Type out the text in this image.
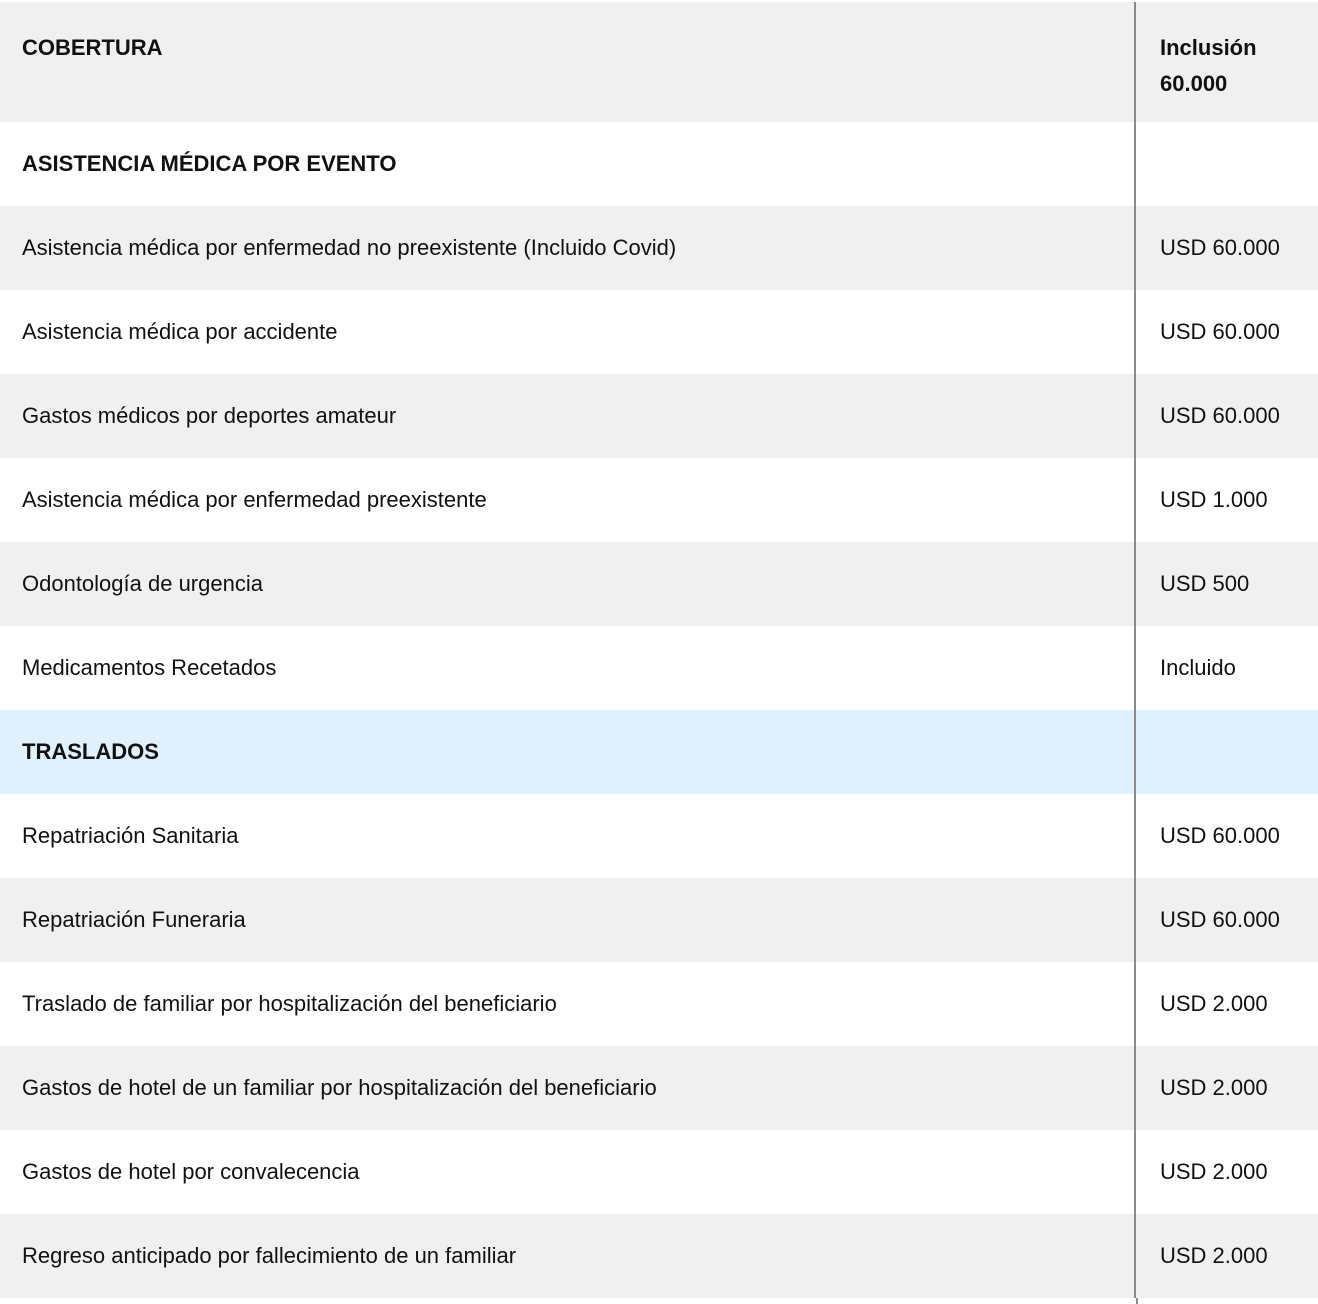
COBERTURA	Inclusión
60.000
ASISTENCIA MÉDICA POR EVENTO
Asistencia médica por enfermedad no preexistente (Incluido Covid)	USD 60.000
Asistencia médica por accidente	USD 60.000
Gastos médicos por deportes amateur	USD 60.000
Asistencia médica por enfermedad preexistente	USD 1.000
Odontología de urgencia	USD 500
Medicamentos Recetados	Incluido
TRASLADOS
Repatriación Sanitaria	USD 60.000
Repatriación Funeraria	USD 60.000
Traslado de familiar por hospitalización del beneficiario	USD 2.000
Gastos de hotel de un familiar por hospitalización del beneficiario	USD 2.000
Gastos de hotel por convalecencia	USD 2.000
Regreso anticipado por fallecimiento de un familiar	USD 2.000
